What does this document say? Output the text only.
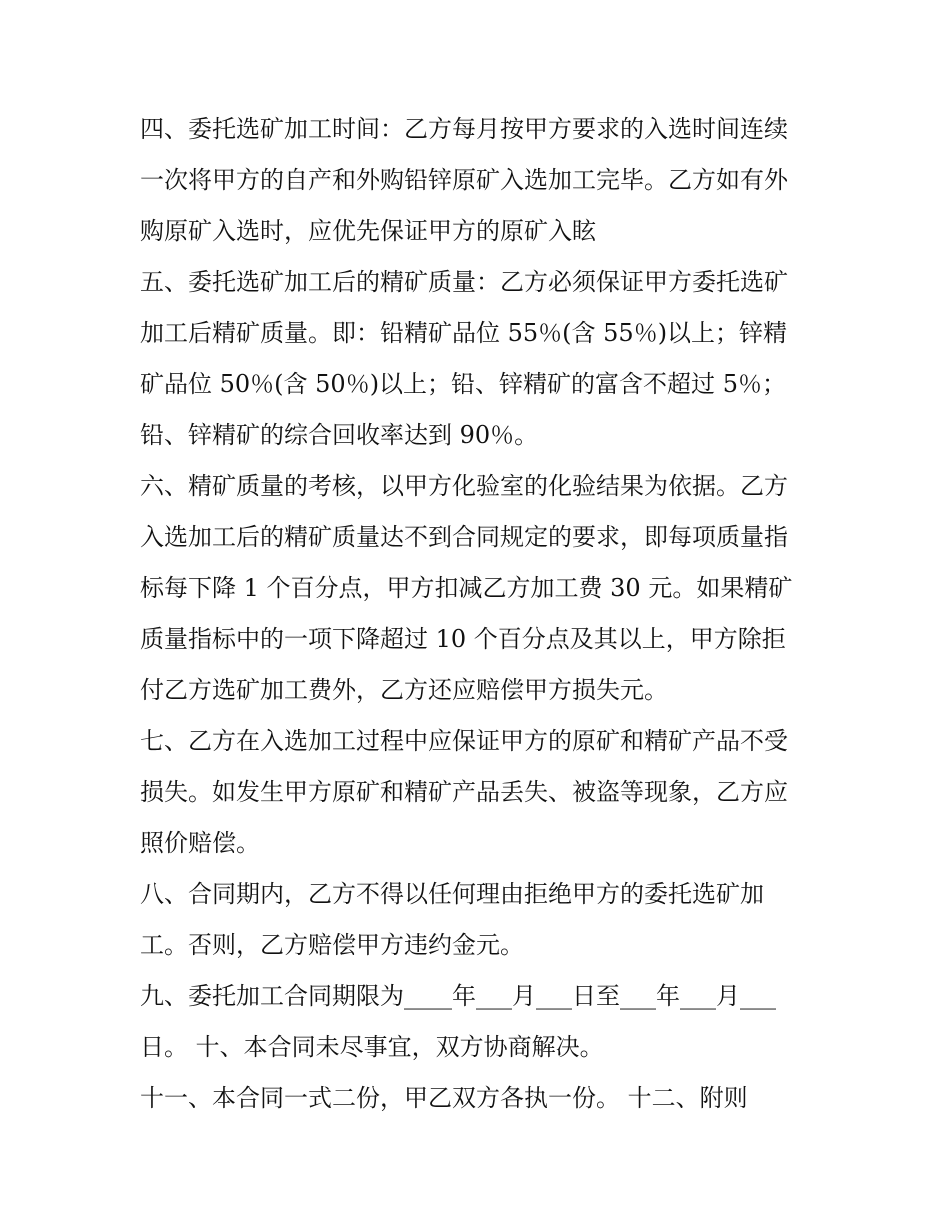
四、委托选矿加工时间：乙方每月按甲方要求的入选时间连续
一次将甲方的自产和外购铅锌原矿入选加工完毕。乙方如有外
购原矿入选时，应优先保证甲方的原矿入眩
五、委托选矿加工后的精矿质量：乙方必须保证甲方委托选矿
加工后精矿质量。即：铅精矿品位 55％(含 55％)以上；锌精
矿品位 50％(含 50％)以上；铅、锌精矿的富含不超过 5％；
铅、锌精矿的综合回收率达到 90％。
六、精矿质量的考核，以甲方化验室的化验结果为依据。乙方
入选加工后的精矿质量达不到合同规定的要求，即每项质量指
标每下降 1 个百分点，甲方扣减乙方加工费 30 元。如果精矿
质量指标中的一项下降超过 10 个百分点及其以上，甲方除拒
付乙方选矿加工费外，乙方还应赔偿甲方损失元。
七、乙方在入选加工过程中应保证甲方的原矿和精矿产品不受
损失。如发生甲方原矿和精矿产品丢失、被盗等现象，乙方应
照价赔偿。
八、合同期内，乙方不得以任何理由拒绝甲方的委托选矿加
工。否则，乙方赔偿甲方违约金元。
九、委托加工合同期限为____年___月___日至___年___月___
日。 十、本合同未尽事宜，双方协商解决。
十一、本合同一式二份，甲乙双方各执一份。 十二、附则
